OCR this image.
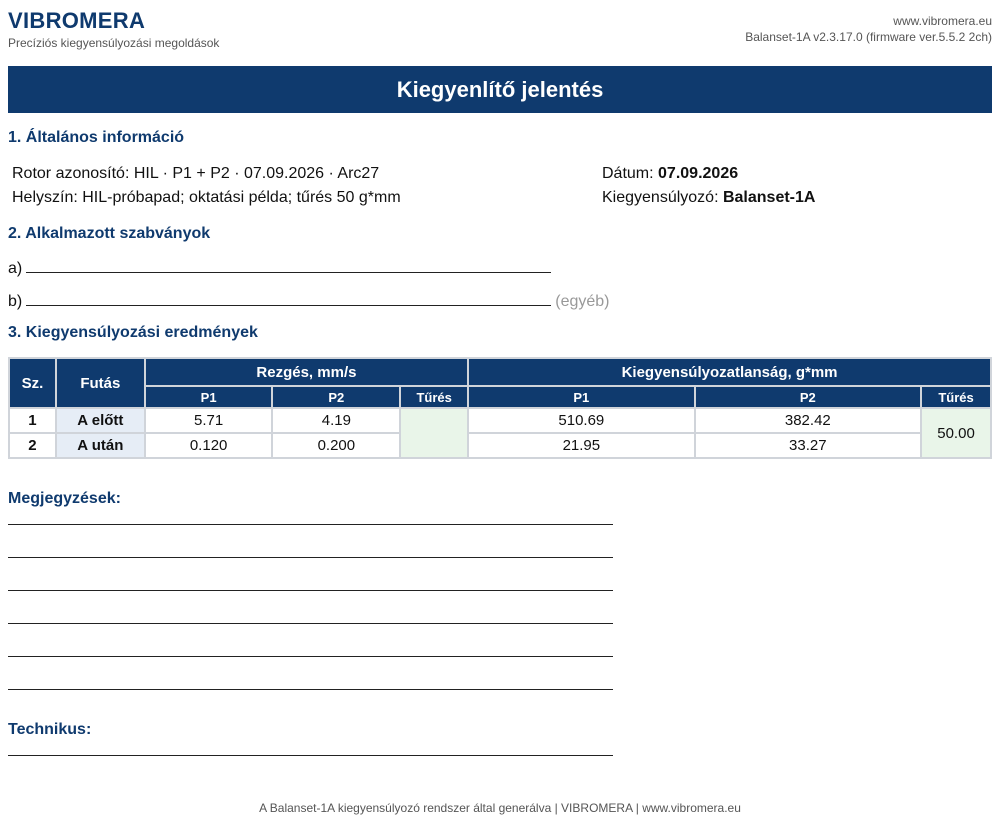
VIBROMERA
Precíziós kiegyensúlyozási megoldások
www.vibromera.eu
Balanset-1A v2.3.17.0 (firmware ver.5.5.2 2ch)
Kiegyenlítő jelentés
1. Általános információ
Rotor azonosító: HIL · P1 + P2 · 07.09.2026 · Arc27
Helyszín: HIL-próbapad; oktatási példa; tűrés 50 g*mm
Dátum: 07.09.2026
Kiegyensúlyozó: Balanset-1A
2. Alkalmazott szabványok
a)
b)	(egyéb)
3. Kiegyensúlyozási eredmények
Sz.	Futás	Rezgés, mm/s			Kiegyensúlyozatlanság, g*mm		
		P1	P2	Tűrés	P1	P2	Tűrés
1	A előtt	5.71	4.19		510.69	382.42	50.00
2	A után	0.120	0.200		21.95	33.27	
Megjegyzések:
Technikus:
A Balanset-1A kiegyensúlyozó rendszer által generálva | VIBROMERA | www.vibromera.eu
